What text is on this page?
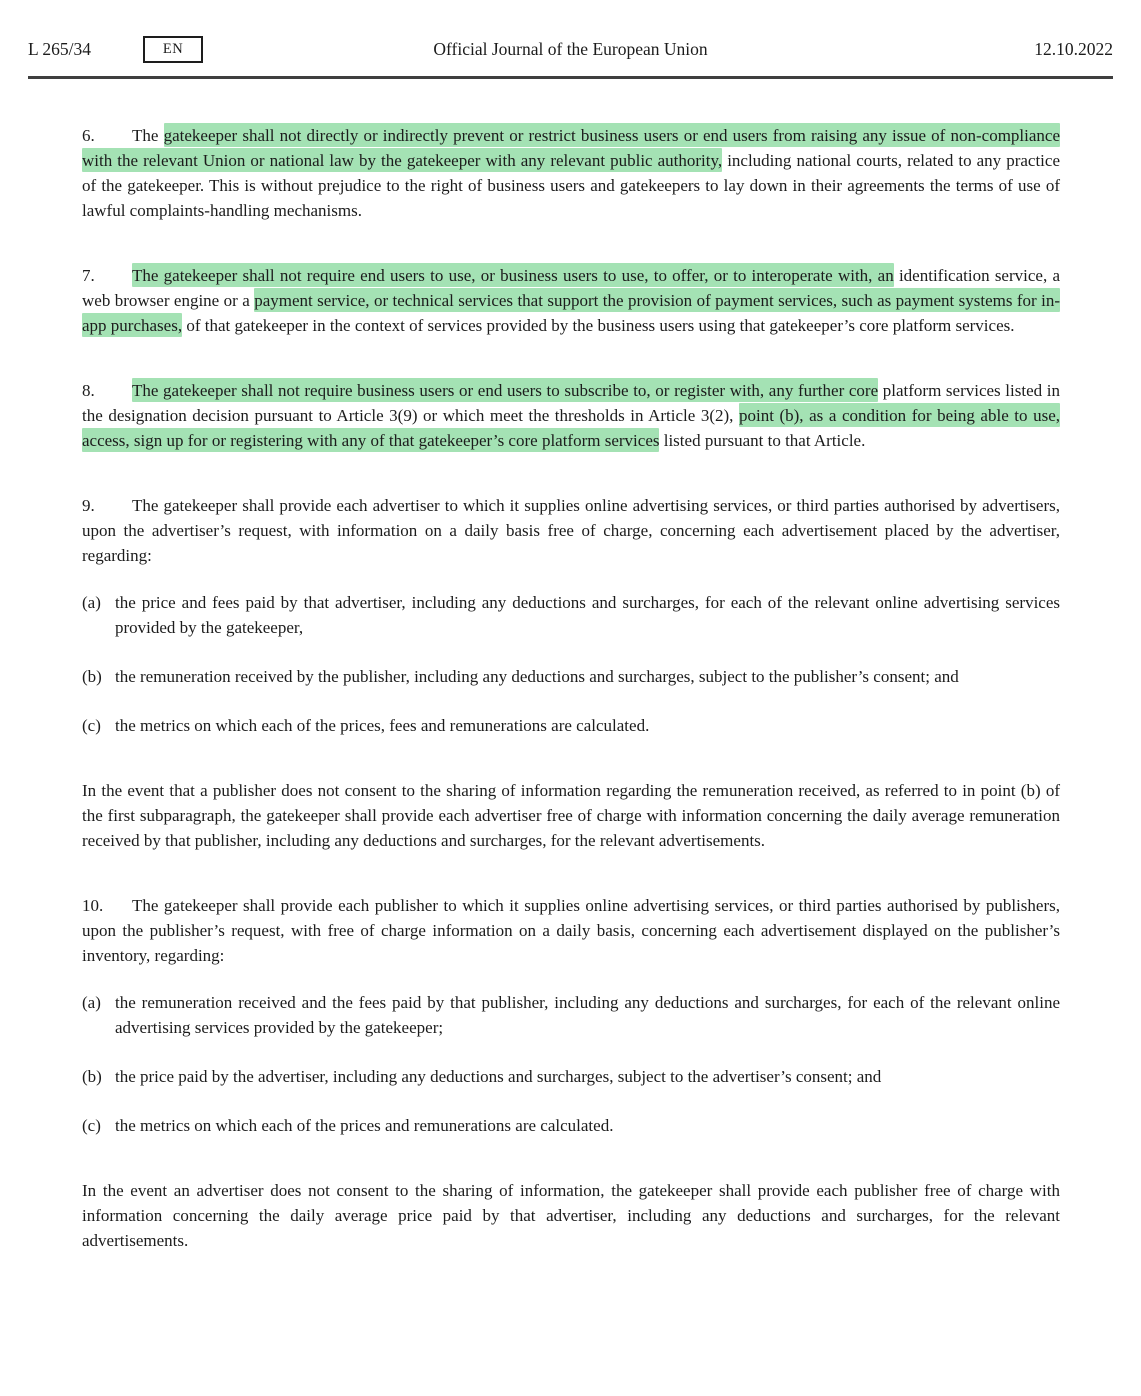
L 265/34	EN	Official Journal of the European Union	12.10.2022
6. The gatekeeper shall not directly or indirectly prevent or restrict business users or end users from raising any issue of non-compliance with the relevant Union or national law by the gatekeeper with any relevant public authority, including national courts, related to any practice of the gatekeeper. This is without prejudice to the right of business users and gatekeepers to lay down in their agreements the terms of use of lawful complaints-handling mechanisms.
7. The gatekeeper shall not require end users to use, or business users to use, to offer, or to interoperate with, an identification service, a web browser engine or a payment service, or technical services that support the provision of payment services, such as payment systems for in-app purchases, of that gatekeeper in the context of services provided by the business users using that gatekeeper’s core platform services.
8. The gatekeeper shall not require business users or end users to subscribe to, or register with, any further core platform services listed in the designation decision pursuant to Article 3(9) or which meet the thresholds in Article 3(2), point (b), as a condition for being able to use, access, sign up for or registering with any of that gatekeeper’s core platform services listed pursuant to that Article.
9. The gatekeeper shall provide each advertiser to which it supplies online advertising services, or third parties authorised by advertisers, upon the advertiser’s request, with information on a daily basis free of charge, concerning each advertisement placed by the advertiser, regarding:
(a) the price and fees paid by that advertiser, including any deductions and surcharges, for each of the relevant online advertising services provided by the gatekeeper,
(b) the remuneration received by the publisher, including any deductions and surcharges, subject to the publisher’s consent; and
(c) the metrics on which each of the prices, fees and remunerations are calculated.
In the event that a publisher does not consent to the sharing of information regarding the remuneration received, as referred to in point (b) of the first subparagraph, the gatekeeper shall provide each advertiser free of charge with information concerning the daily average remuneration received by that publisher, including any deductions and surcharges, for the relevant advertisements.
10. The gatekeeper shall provide each publisher to which it supplies online advertising services, or third parties authorised by publishers, upon the publisher’s request, with free of charge information on a daily basis, concerning each advertisement displayed on the publisher’s inventory, regarding:
(a) the remuneration received and the fees paid by that publisher, including any deductions and surcharges, for each of the relevant online advertising services provided by the gatekeeper;
(b) the price paid by the advertiser, including any deductions and surcharges, subject to the advertiser’s consent; and
(c) the metrics on which each of the prices and remunerations are calculated.
In the event an advertiser does not consent to the sharing of information, the gatekeeper shall provide each publisher free of charge with information concerning the daily average price paid by that advertiser, including any deductions and surcharges, for the relevant advertisements.
